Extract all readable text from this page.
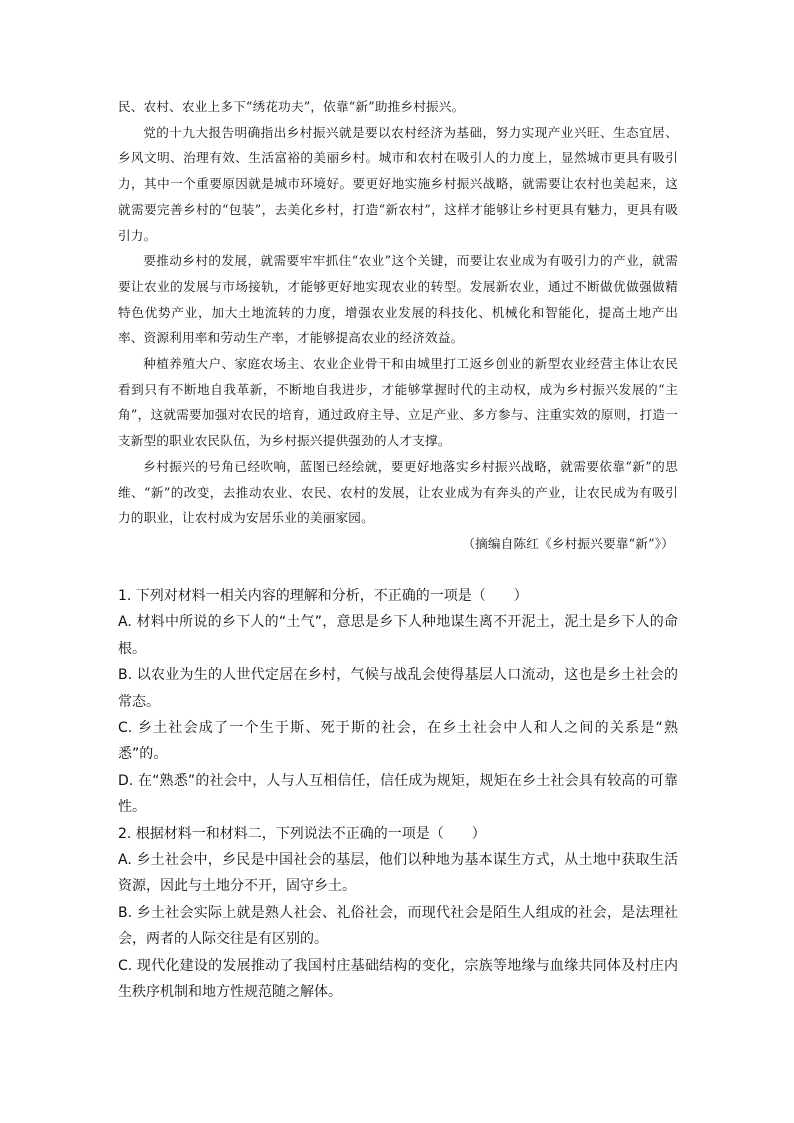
民、农村、农业上多下“绣花功夫”，依靠“新”助推乡村振兴。

党的十九大报告明确指出乡村振兴就是要以农村经济为基础，努力实现产业兴旺、生态宜居、乡风文明、治理有效、生活富裕的美丽乡村。城市和农村在吸引人的力度上，显然城市更具有吸引力，其中一个重要原因就是城市环境好。要更好地实施乡村振兴战略，就需要让农村也美起来，这就需要完善乡村的“包装”，去美化乡村，打造“新农村”，这样才能够让乡村更具有魅力，更具有吸引力。

要推动乡村的发展，就需要牢牢抓住“农业”这个关键，而要让农业成为有吸引力的产业，就需要让农业的发展与市场接轨，才能够更好地实现农业的转型。发展新农业，通过不断做优做强做精特色优势产业，加大土地流转的力度，增强农业发展的科技化、机械化和智能化，提高土地产出率、资源利用率和劳动生产率，才能够提高农业的经济效益。

种植养殖大户、家庭农场主、农业企业骨干和由城里打工返乡创业的新型农业经营主体让农民看到只有不断地自我革新，不断地自我进步，才能够掌握时代的主动权，成为乡村振兴发展的“主角”，这就需要加强对农民的培育，通过政府主导、立足产业、多方参与、注重实效的原则，打造一支新型的职业农民队伍，为乡村振兴提供强劲的人才支撑。

乡村振兴的号角已经吹响，蓝图已经绘就，要更好地落实乡村振兴战略，就需要依靠“新”的思维、“新”的改变，去推动农业、农民、农村的发展，让农业成为有奔头的产业，让农民成为有吸引力的职业，让农村成为安居乐业的美丽家园。

（摘编自陈红《乡村振兴要靠“新”》）

1. 下列对材料一相关内容的理解和分析，不正确的一项是（　　）

A. 材料中所说的乡下人的“土气”，意思是乡下人种地谋生离不开泥土，泥土是乡下人的命根。

B. 以农业为生的人世代定居在乡村，气候与战乱会使得基层人口流动，这也是乡土社会的常态。

C. 乡土社会成了一个生于斯、死于斯的社会，在乡土社会中人和人之间的关系是“熟悉”的。

D. 在“熟悉”的社会中，人与人互相信任，信任成为规矩，规矩在乡土社会具有较高的可靠性。

2. 根据材料一和材料二，下列说法不正确的一项是（　　）

A. 乡土社会中，乡民是中国社会的基层，他们以种地为基本谋生方式，从土地中获取生活资源，因此与土地分不开，固守乡土。

B. 乡土社会实际上就是熟人社会、礼俗社会，而现代社会是陌生人组成的社会，是法理社会，两者的人际交往是有区别的。

C. 现代化建设的发展推动了我国村庄基础结构的变化，宗族等地缘与血缘共同体及村庄内生秩序机制和地方性规范随之解体。
